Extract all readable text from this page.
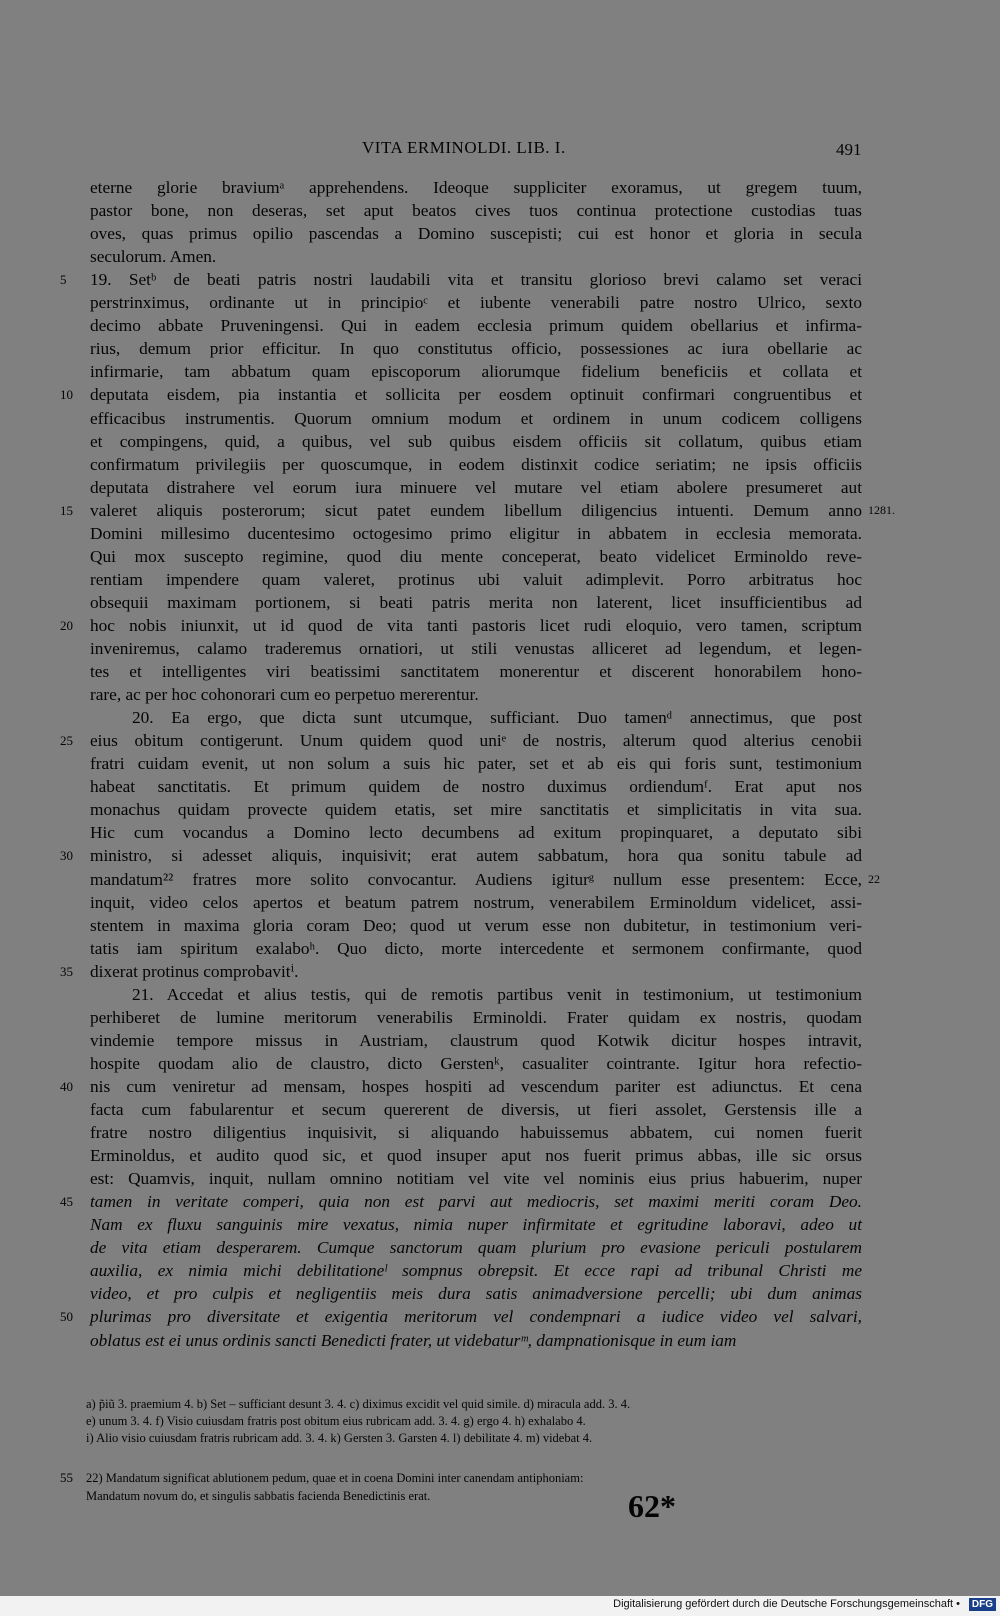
VITA ERMINOLDI. LIB. I.	491
eterne glorie braviumᵃ apprehendens. Ideoque suppliciter exoramus, ut gregem tuum,
pastor bone, non deseras, set aput beatos cives tuos continua protectione custodias tuas
oves, quas primus opilio pascendas a Domino suscepisti; cui est honor et gloria in secula
seculorum. Amen.
5	19. Setᵇ de beati patris nostri laudabili vita et transitu glorioso brevi calamo set veraci
perstrinximus, ordinante ut in principioᶜ et iubente venerabili patre nostro Ulrico, sexto
decimo abbate Pruveningensi. Qui in eadem ecclesia primum quidem obellarius et infirma-
rius, demum prior efficitur. In quo constitutus officio, possessiones ac iura obellarie ac
infirmarie, tam abbatum quam episcoporum aliorumque fidelium beneficiis et collata et
10 deputata eisdem, pia instantia et sollicita per eosdem optinuit confirmari congruentibus et
efficacibus instrumentis. Quorum omnium modum et ordinem in unum codicem colligens
et compingens, quid, a quibus, vel sub quibus eisdem officiis sit collatum, quibus etiam
confirmatum privilegiis per quoscumque, in eodem distinxit codice seriatim; ne ipsis officiis
deputata distrahere vel eorum iura minuere vel mutare vel etiam abolere presumeret aut
15 valeret aliquis posterorum; sicut patet eundem libellum diligencius intuenti. Demum anno 1281.
Domini millesimo ducentesimo octogesimo primo eligitur in abbatem in ecclesia memorata.
Qui mox suscepto regimine, quod diu mente conceperat, beato videlicet Erminoldo reve-
rentiam impendere quam valeret, protinus ubi valuit adimplevit. Porro arbitratus hoc
obsequii maximam portionem, si beati patris merita non laterent, licet insufficientibus ad
20 hoc nobis iniunxit, ut id quod de vita tanti pastoris licet rudi eloquio, vero tamen, scriptum
inveniremus, calamo traderemus ornatiori, ut stili venustas alliceret ad legendum, et legen-
tes et intelligentes viri beatissimi sanctitatem monerentur et discerent honorabilem hono-
rare, ac per hoc cohonorari cum eo perpetuo mererentur.
20. Ea ergo, que dicta sunt utcumque, sufficiant. Duo tamenᵈ annectimus, que post
25 eius obitum contigerunt. Unum quidem quod uniᵉ de nostris, alterum quod alterius cenobii
fratri cuidam evenit, ut non solum a suis hic pater, set et ab eis qui foris sunt, testimonium
habeat sanctitatis. Et primum quidem de nostro duximus ordiendumᶠ. Erat aput nos
monachus quidam provecte quidem etatis, set mire sanctitatis et simplicitatis in vita sua.
Hic cum vocandus a Domino lecto decumbens ad exitum propinquaret, a deputato sibi
30 ministro, si adesset aliquis, inquisivit; erat autem sabbatum, hora qua sonitu tabule ad
mandatum²² fratres more solito convocantur. Audiens igiturᵍ nullum esse presentem: Ecce, 22
inquit, video celos apertos et beatum patrem nostrum, venerabilem Erminoldum videlicet, assi-
stentem in maxima gloria coram Deo; quod ut verum esse non dubitetur, in testimonium veri-
tatis iam spiritum exalaboʰ. Quo dicto, morte intercedente et sermonem confirmante, quod
35 dixerat protinus comprobavitⁱ.
21. Accedat et alius testis, qui de remotis partibus venit in testimonium, ut testimonium
perhiberet de lumine meritorum venerabilis Erminoldi. Frater quidam ex nostris, quodam
vindemie tempore missus in Austriam, claustrum quod Kotwik dicitur hospes intravit,
hospite quodam alio de claustro, dicto Gerstenᵏ, casualiter cointrante. Igitur hora refectio-
40 nis cum veniretur ad mensam, hospes hospiti ad vescendum pariter est adiunctus. Et cena
facta cum fabularentur et secum quererent de diversis, ut fieri assolet, Gerstensis ille a
fratre nostro diligentius inquisivit, si aliquando habuissemus abbatem, cui nomen fuerit
Erminoldus, et audito quod sic, et quod insuper aput nos fuerit primus abbas, ille sic orsus
est: Quamvis, inquit, nullam omnino notitiam vel vite vel nominis eius prius habuerim, nuper
45 tamen in veritate comperi, quia non est parvi aut mediocris, set maximi meriti coram Deo.
Nam ex fluxu sanguinis mire vexatus, nimia nuper infirmitate et egritudine laboravi, adeo ut
de vita etiam desperarem. Cumque sanctorum quam plurium pro evasione periculi postularem
auxilia, ex nimia michi debilitationeˡ sompnus obrepsit. Et ecce rapi ad tribunal Christi me
video, et pro culpis et negligentiis meis dura satis animadversione percelli; ubi dum animas
50 plurimas pro diversitate et exigentia meritorum vel condempnari a iudice video vel salvari,
oblatus est ei unus ordinis sancti Benedicti frater, ut videbaturᵐ, dampnationisque in eum iam
a) p̃iũ 3. praemium 4. b) Set – sufficiant desunt 3. 4. c) diximus excidit vel quid simile. d) miracula add. 3. 4.
e) unum 3. 4. f) Visio cuiusdam fratris post obitum eius rubricam add. 3. 4. g) ergo 4. h) exhalabo 4.
i) Alio visio cuiusdam fratris rubricam add. 3. 4. k) Gersten 3. Garsten 4. l) debilitate 4. m) videbat 4.
55 22) Mandatum significat ablutionem pedum, quae et in coena Domini inter canendam antiphoniam:
Mandatum novum do, et singulis sabbatis facienda Benedictinis erat.	62*
Digitalisierung gefördert durch die Deutsche Forschungsgemeinschaft •	DFG
